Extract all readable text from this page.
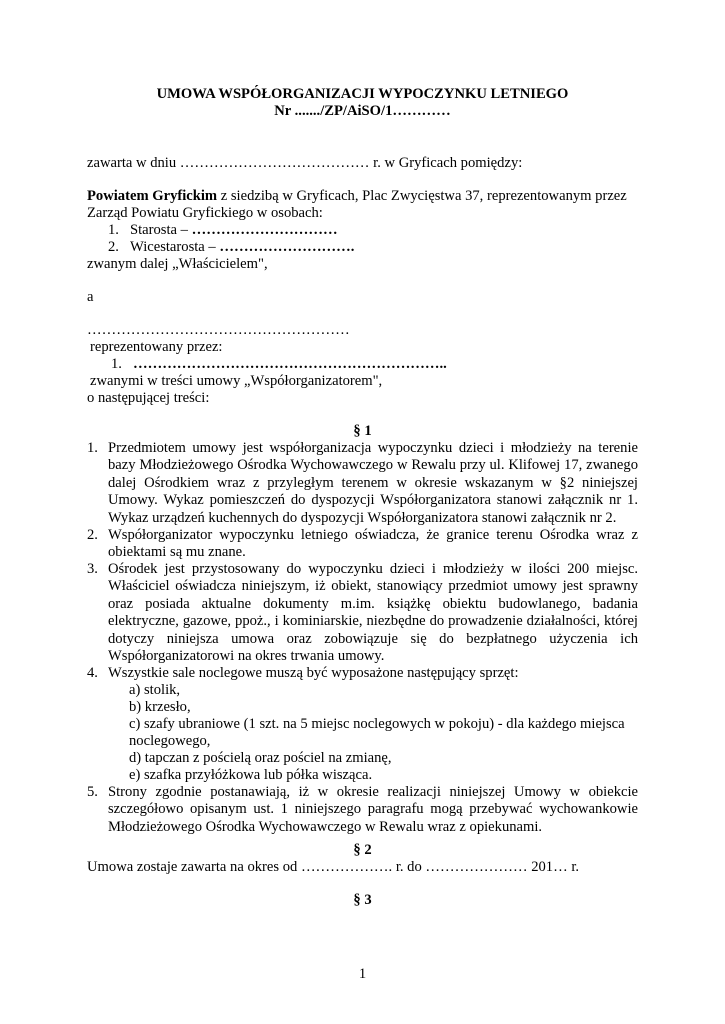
UMOWA WSPÓŁORGANIZACJI WYPOCZYNKU LETNIEGO
Nr ......./ZP/AiSO/1…………
zawarta w dniu ………………………………… r. w Gryficach pomiędzy:
Powiatem Gryfickim z siedzibą w Gryficach, Plac Zwycięstwa 37, reprezentowanym przez
Zarząd Powiatu Gryfickiego w osobach:
1. Starosta – …………………………
2. Wicestarosta – ……………………….
zwanym dalej „Właścicielem",
a
………………………………………………
reprezentowany przez:
1. ………………………………………………………..
zwanymi w treści umowy „Współorganizatorem",
o następującej treści:
§ 1
1. Przedmiotem umowy jest współorganizacja wypoczynku dzieci i młodzieży na terenie bazy Młodzieżowego Ośrodka Wychowawczego w Rewalu przy ul. Klifowej 17, zwanego dalej Ośrodkiem wraz z przyległym terenem w okresie wskazanym w §2 niniejszej Umowy. Wykaz pomieszczeń do dyspozycji Współorganizatora stanowi załącznik nr 1. Wykaz urządzeń kuchennych do dyspozycji Współorganizatora stanowi załącznik nr 2.
2. Współorganizator wypoczynku letniego oświadcza, że granice terenu Ośrodka wraz z obiektami są mu znane.
3. Ośrodek jest przystosowany do wypoczynku dzieci i młodzieży w ilości 200 miejsc. Właściciel oświadcza niniejszym, iż obiekt, stanowiący przedmiot umowy jest sprawny oraz posiada aktualne dokumenty m.im. książkę obiektu budowlanego, badania elektryczne, gazowe, ppoż., i kominiarskie, niezbędne do prowadzenie działalności, której dotyczy niniejsza umowa oraz zobowiązuje się do bezpłatnego użyczenia ich Współorganizatorowi na okres trwania umowy.
4. Wszystkie sale noclegowe muszą być wyposażone następujący sprzęt:
a) stolik,
b) krzesło,
c) szafy ubraniowe (1 szt. na 5 miejsc noclegowych w pokoju) - dla każdego miejsca
noclegowego,
d) tapczan z pościelą oraz pościel na zmianę,
e) szafka przyłóżkowa lub półka wisząca.
5. Strony zgodnie postanawiają, iż w okresie realizacji niniejszej Umowy w obiekcie szczegółowo opisanym ust. 1 niniejszego paragrafu mogą przebywać wychowankowie Młodzieżowego Ośrodka Wychowawczego w Rewalu wraz z opiekunami.
§ 2
Umowa zostaje zawarta na okres od ………………. r. do ………………… 201… r.
§ 3
1
